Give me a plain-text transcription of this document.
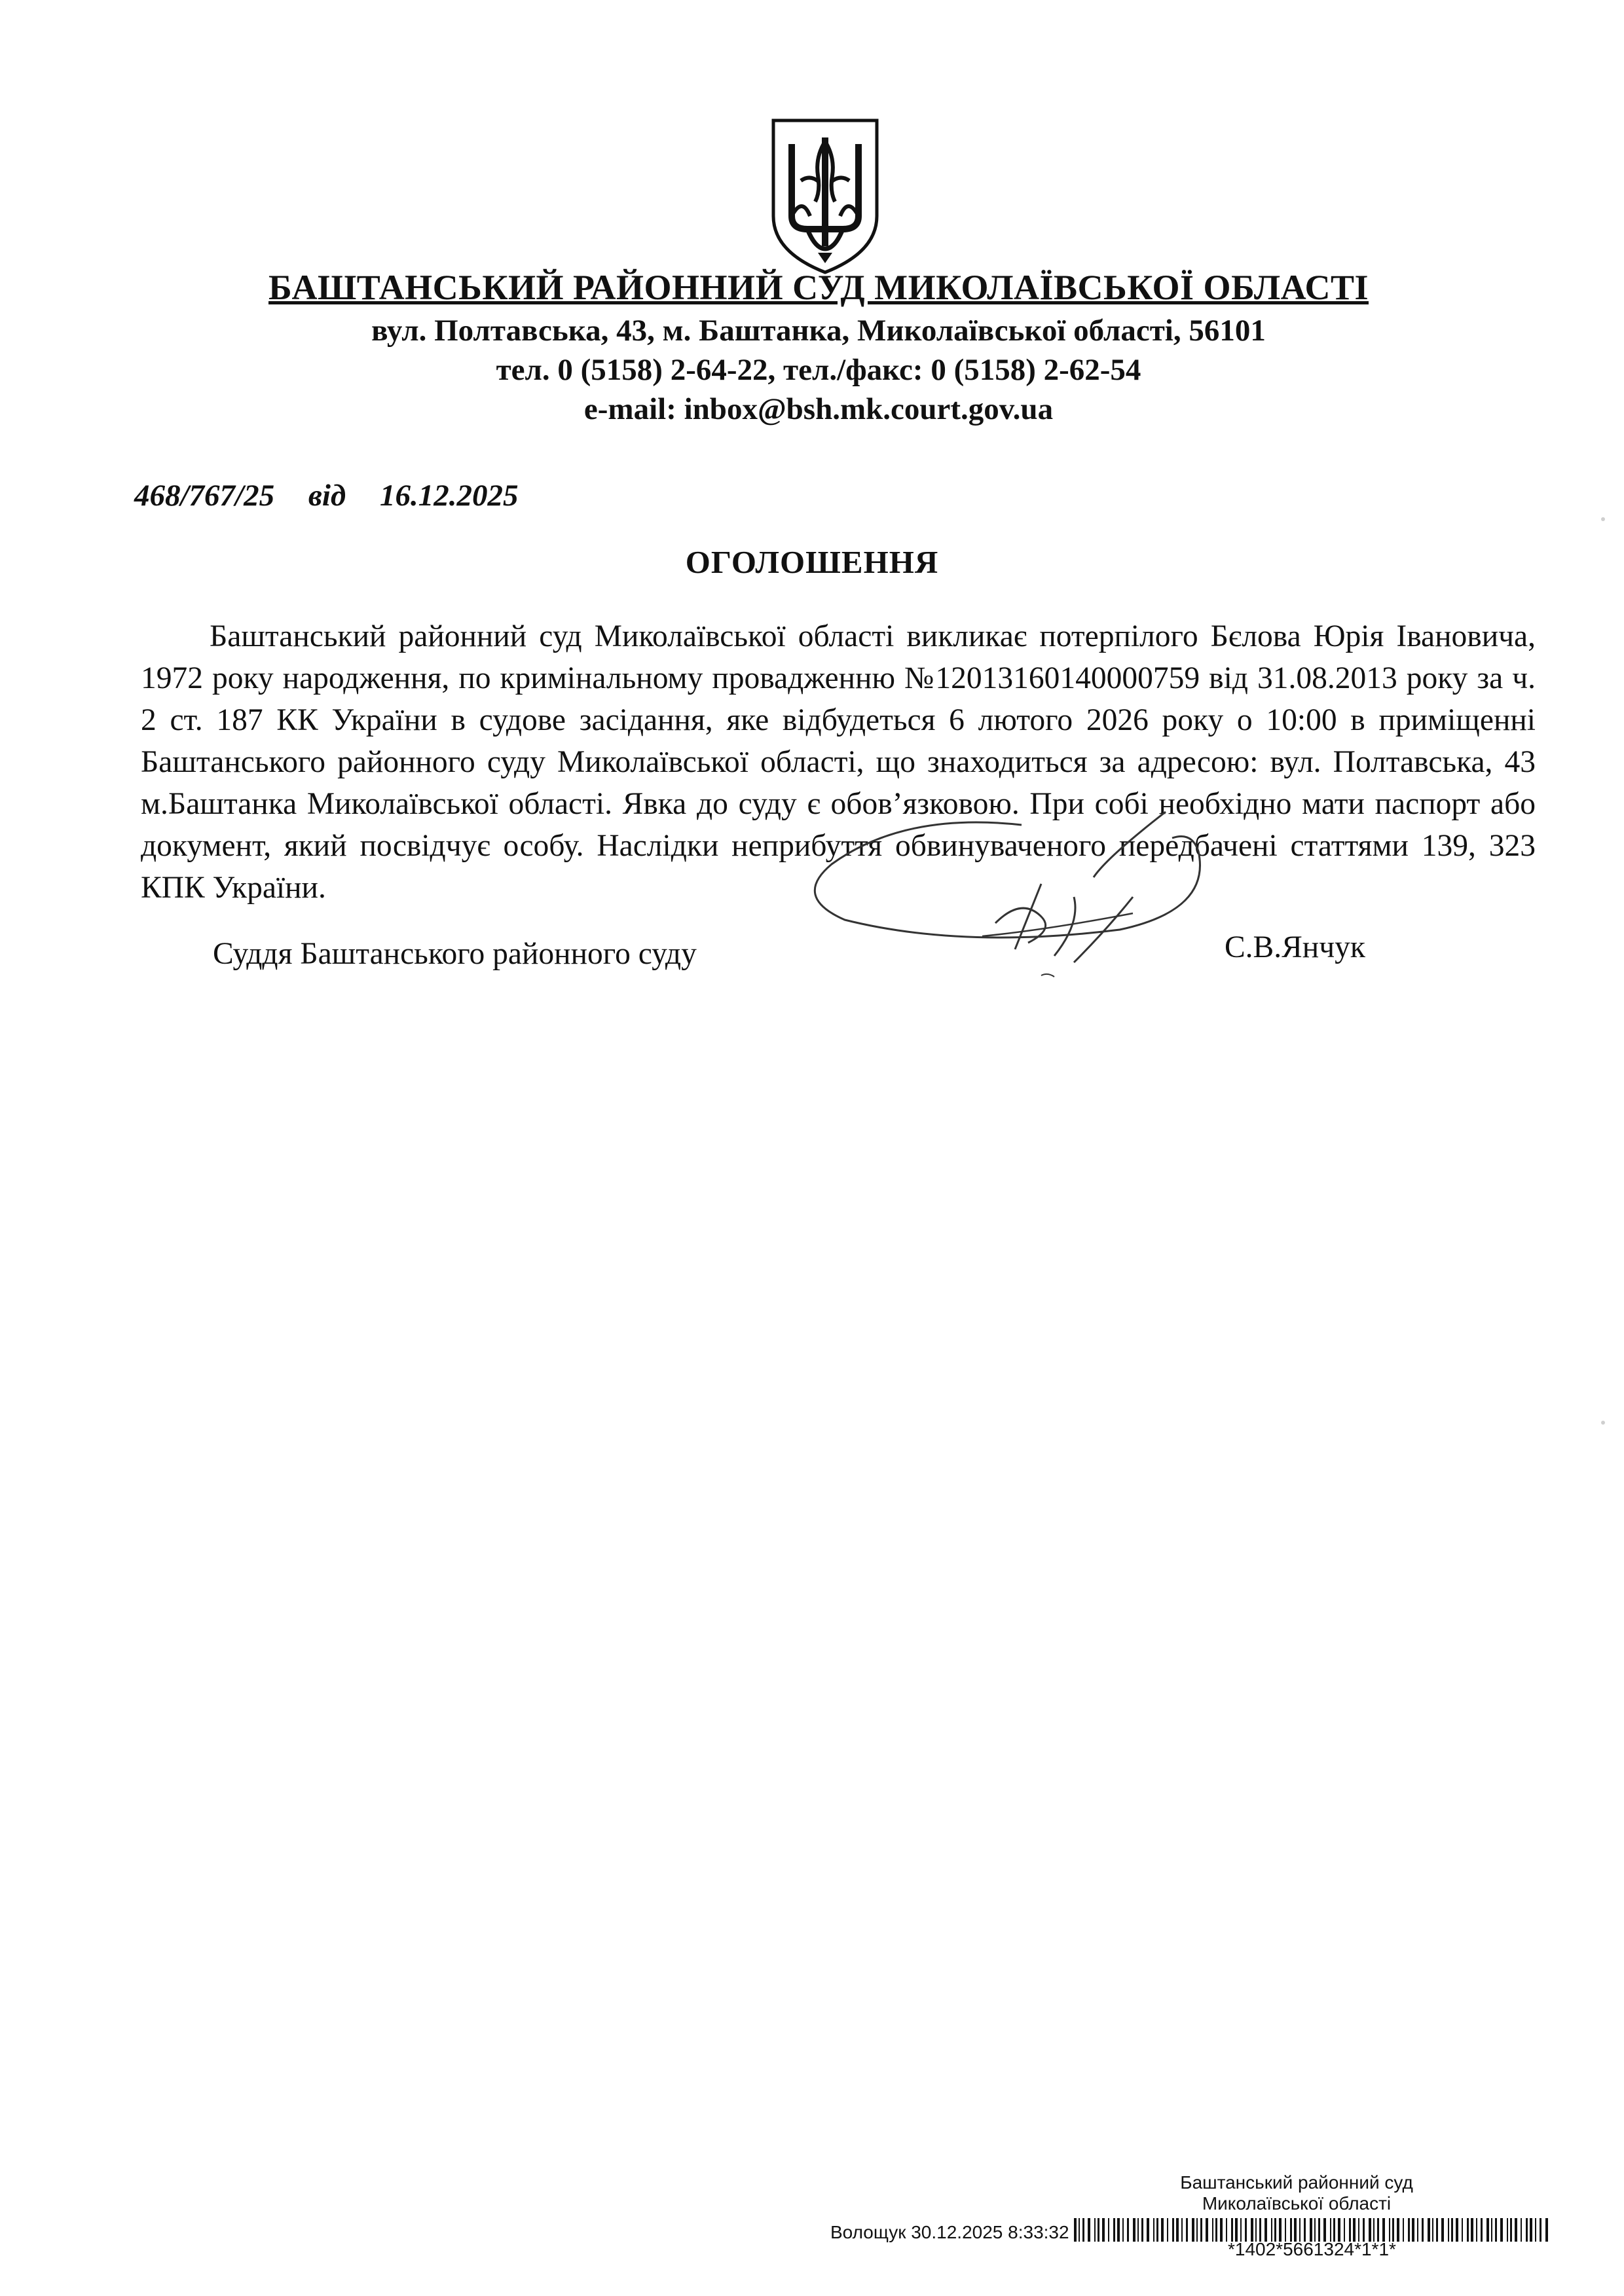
БАШТАНСЬКИЙ РАЙОННИЙ СУД МИКОЛАЇВСЬКОЇ ОБЛАСТІ
вул. Полтавська, 43, м. Баштанка, Миколаївської області, 56101
тел. 0 (5158) 2-64-22, тел./факс: 0 (5158) 2-62-54
e-mail: inbox@bsh.mk.court.gov.ua
468/767/25 від 16.12.2025
ОГОЛОШЕННЯ
Баштанський районний суд Миколаївської області викликає потерпілого Бєлова Юрія Івановича, 1972 року народження, по кримінальному провадженню №12013160140000759 від 31.08.2013 року за ч. 2 ст. 187 КК України в судове засідання, яке відбудеться 6 лютого 2026 року о 10:00 в приміщенні Баштанського районного суду Миколаївської області, що знаходиться за адресою: вул. Полтавська, 43 м.Баштанка Миколаївської області. Явка до суду є обов’язковою. При собі необхідно мати паспорт або документ, який посвідчує особу. Наслідки неприбуття обвинуваченого передбачені статтями 139, 323 КПК України.
Суддя Баштанського районного суду	С.В.Янчук
Баштанський районний суд
Миколаївської області
Волощук 30.12.2025 8:33:32
*1402*5661324*1*1*
